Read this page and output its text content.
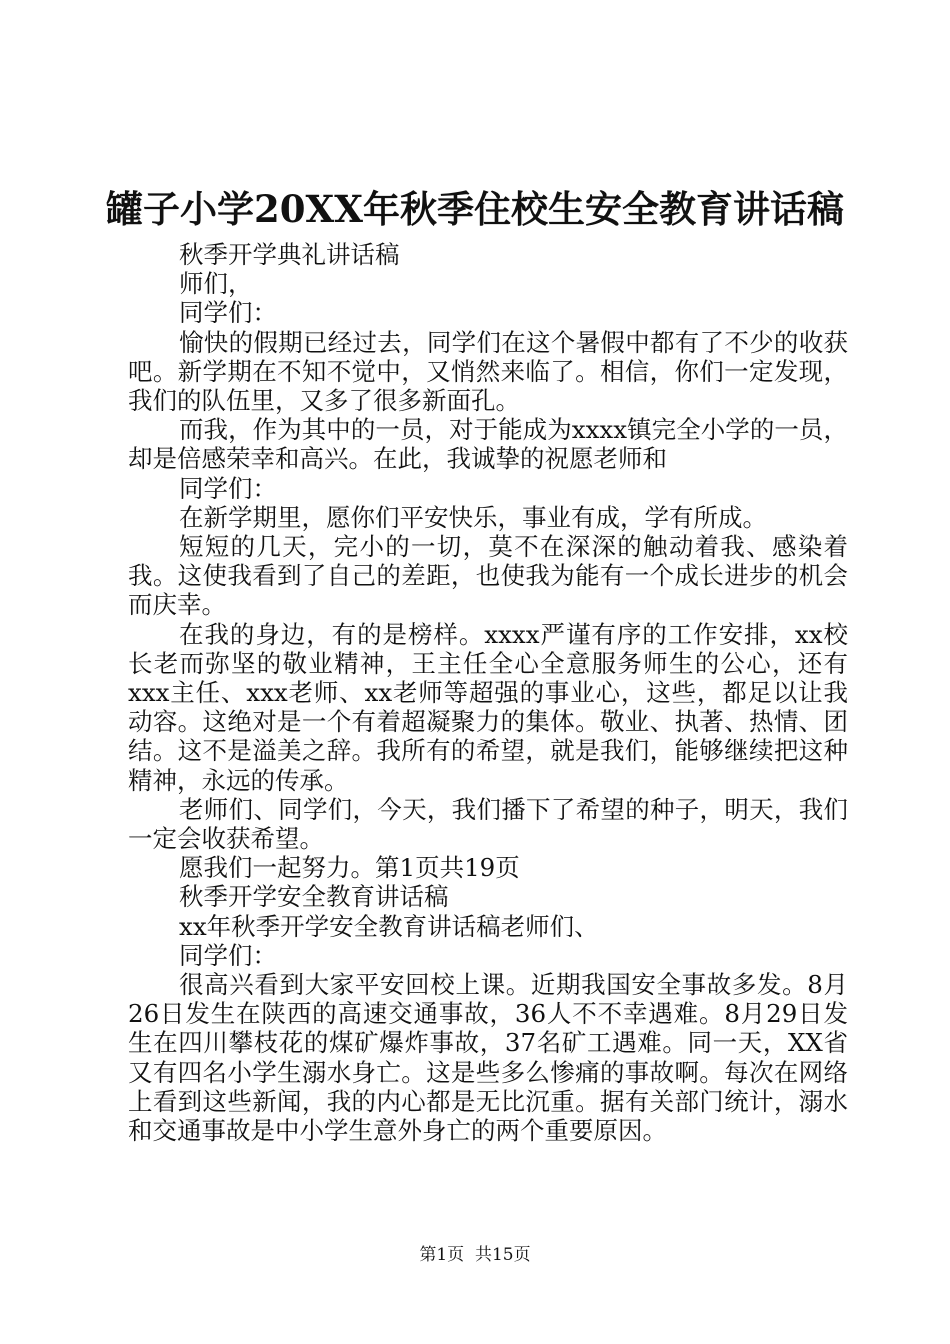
罐子小学20XX年秋季住校生安全教育讲话稿

秋季开学典礼讲话稿

师们，

同学们：

愉快的假期已经过去，同学们在这个暑假中都有了不少的收获吧。新学期在不知不觉中，又悄然来临了。相信，你们一定发现，我们的队伍里，又多了很多新面孔。

而我，作为其中的一员，对于能成为xxxx镇完全小学的一员，却是倍感荣幸和高兴。在此，我诚挚的祝愿老师和

同学们：

在新学期里，愿你们平安快乐，事业有成，学有所成。

短短的几天，完小的一切，莫不在深深的触动着我、感染着我。这使我看到了自己的差距，也使我为能有一个成长进步的机会而庆幸。

在我的身边，有的是榜样。xxxx严谨有序的工作安排，xx校长老而弥坚的敬业精神，王主任全心全意服务师生的公心，还有xxx主任、xxx老师、xx老师等超强的事业心，这些，都足以让我动容。这绝对是一个有着超凝聚力的集体。敬业、执著、热情、团结。这不是溢美之辞。我所有的希望，就是我们，能够继续把这种精神，永远的传承。

老师们、同学们，今天，我们播下了希望的种子，明天，我们一定会收获希望。

愿我们一起努力。第1页共19页

秋季开学安全教育讲话稿

xx年秋季开学安全教育讲话稿老师们、

同学们：

很高兴看到大家平安回校上课。近期我国安全事故多发。8月26日发生在陕西的高速交通事故，36人不不幸遇难。8月29日发生在四川攀枝花的煤矿爆炸事故，37名矿工遇难。同一天，XX省又有四名小学生溺水身亡。这是些多么惨痛的事故啊。每次在网络上看到这些新闻，我的内心都是无比沉重。据有关部门统计，溺水和交通事故是中小学生意外身亡的两个重要原因。

第1页  共15页
